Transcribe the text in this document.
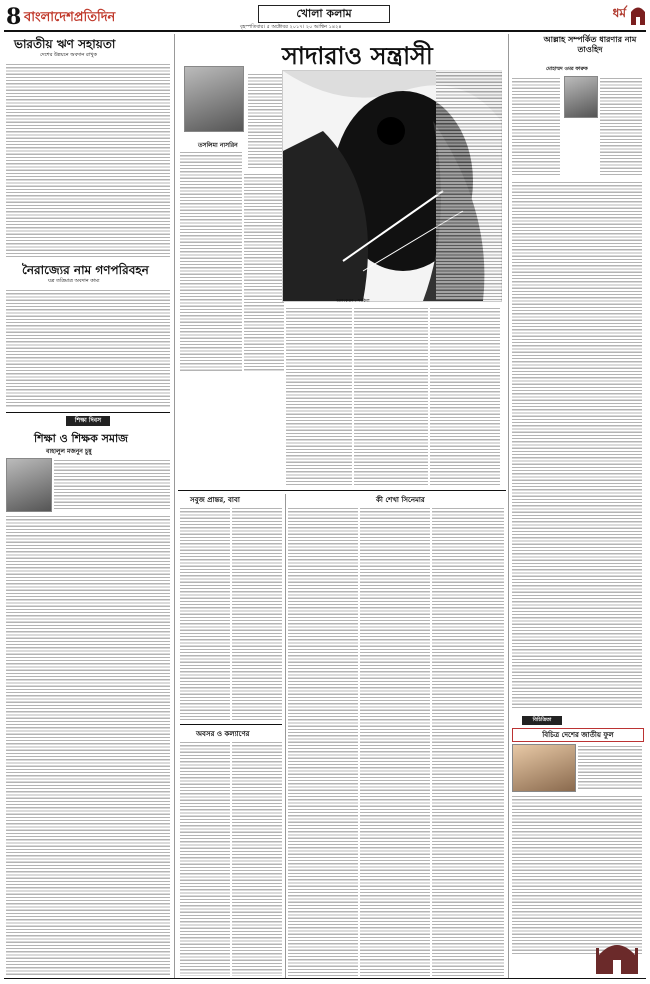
8 বাংলাদেশপ্রতিদিন	খোলা কলাম
বৃহস্পতিবার। ৫ অক্টোবর ২০১৭। ২০ আশ্বিন ১৪২৪
ধর্ম
ভারতীয় ঋণ সহায়তা
দেশের উন্নয়নে অবদান রাখুক
নৈরাজ্যের নাম গণপরিবহন
যত্র তত্রিমাত্র অবদান কাম্য
শিক্ষা দিবস
শিক্ষা ও শিক্ষক সমাজ
বাহালুল মজনুন চুন্নু
সাদারাও সন্ত্রাসী
তসলিমা নাসরিন
অলংকরণ : শাকিল
সবুজ প্রান্তর, বাবা
অবসর ও কল্যাণের
কী শেখা সিনেমার
আল্লাহ সম্পর্কিত ধারণার নাম তাওহিদ
মোহাম্মদ ওমর ফারুক
বিচিত্রিতা
বিচিত্র দেশের জাতীয় ফুল
